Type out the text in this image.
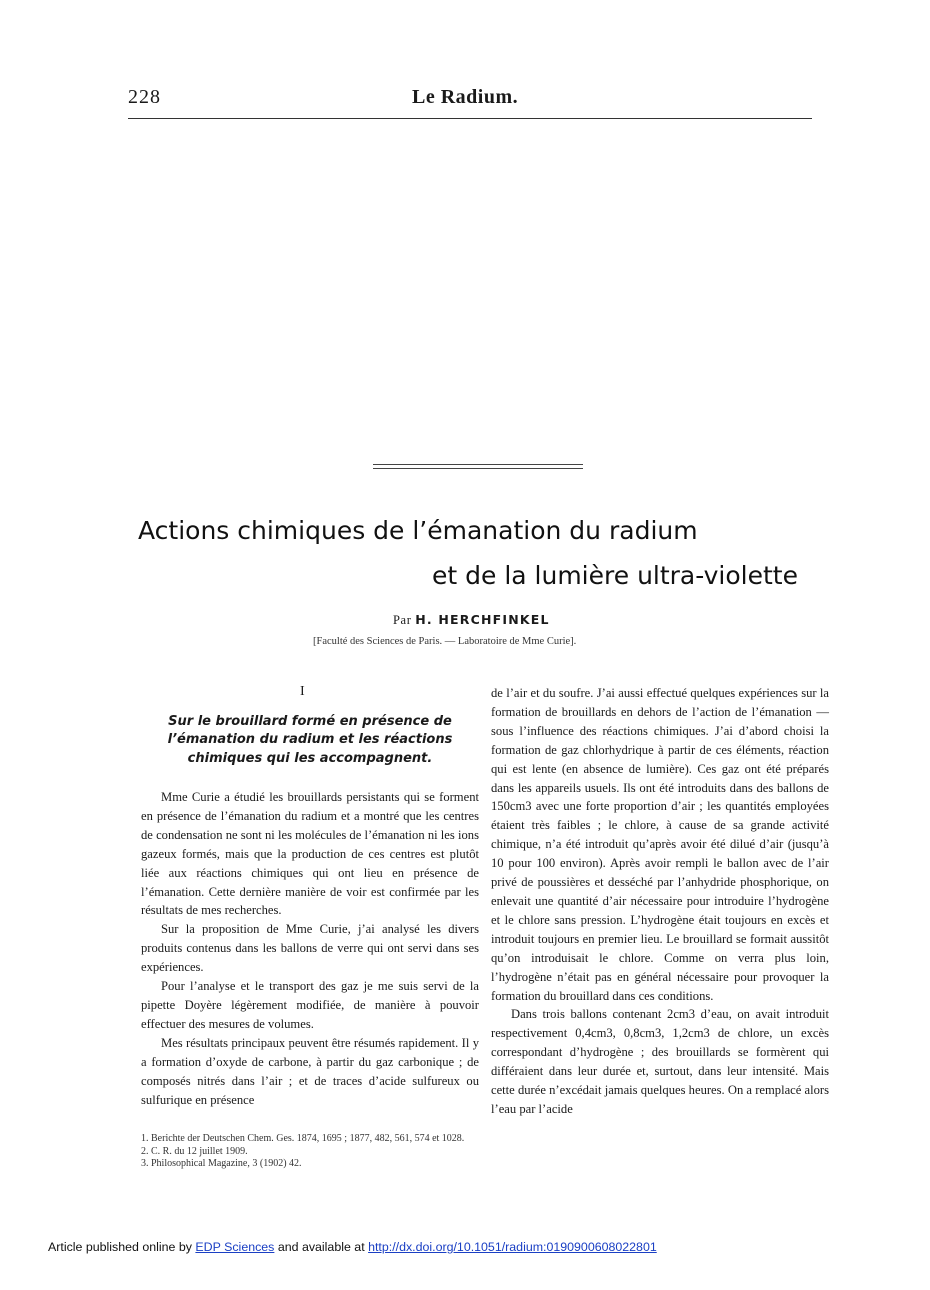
228	Le Radium.
Actions chimiques de l’émanation du radium
et de la lumière ultra-violette
Par H. HERCHFINKEL
[Faculté des Sciences de Paris. — Laboratoire de Mme Curie].
I
Sur le brouillard formé en présence de l’émanation du radium et les réactions chimiques qui les accompagnent.

Mme Curie a étudié les brouillards persistants qui se forment en présence de l’émanation du radium et a montré que les centres de condensation ne sont ni les molécules de l’émanation ni les ions gazeux formés, mais que la production de ces centres est plutôt liée aux réactions chimiques qui ont lieu en présence de l’émanation. Cette dernière manière de voir est confirmée par les résultats de mes recherches.

Sur la proposition de Mme Curie, j’ai analysé les divers produits contenus dans les ballons de verre qui ont servi dans ses expériences.

Pour l’analyse et le transport des gaz je me suis servi de la pipette Doyère légèrement modifiée, de manière à pouvoir effectuer des mesures de volumes.

Mes résultats principaux peuvent être résumés rapidement. Il y a formation d’oxyde de carbone, à partir du gaz carbonique ; de composés nitrés dans l’air ; et de traces d’acide sulfureux ou sulfurique en présence

1. Berichte der Deutschen Chem. Ges. 1874, 1695 ; 1877, 482, 561, 574 et 1028.

2. C. R. du 12 juillet 1909.

3. Philosophical Magazine, 3 (1902) 42.

de l’air et du soufre. J’ai aussi effectué quelques expériences sur la formation de brouillards en dehors de l’action de l’émanation — sous l’influence des réactions chimiques. J’ai d’abord choisi la formation de gaz chlorhydrique à partir de ces éléments, réaction qui est lente (en absence de lumière). Ces gaz ont été préparés dans les appareils usuels. Ils ont été introduits dans des ballons de 150cm3 avec une forte proportion d’air ; les quantités employées étaient très faibles ; le chlore, à cause de sa grande activité chimique, n’a été introduit qu’après avoir été dilué d’air (jusqu’à 10 pour 100 environ). Après avoir rempli le ballon avec de l’air privé de poussières et desséché par l’anhydride phosphorique, on enlevait une quantité d’air nécessaire pour introduire l’hydrogène et le chlore sans pression. L’hydrogène était toujours en excès et introduit toujours en premier lieu. Le brouillard se formait aussitôt qu’on introduisait le chlore. Comme on verra plus loin, l’hydrogène n’était pas en général nécessaire pour provoquer la formation du brouillard dans ces conditions.

Dans trois ballons contenant 2cm3 d’eau, on avait introduit respectivement 0,4cm3, 0,8cm3, 1,2cm3 de chlore, un excès correspondant d’hydrogène ; des brouillards se formèrent qui différaient dans leur durée et, surtout, dans leur intensité. Mais cette durée n’excédait jamais quelques heures. On a remplacé alors l’eau par l’acide

Article published online by EDP Sciences and available at http://dx.doi.org/10.1051/radium:0190900608022801
